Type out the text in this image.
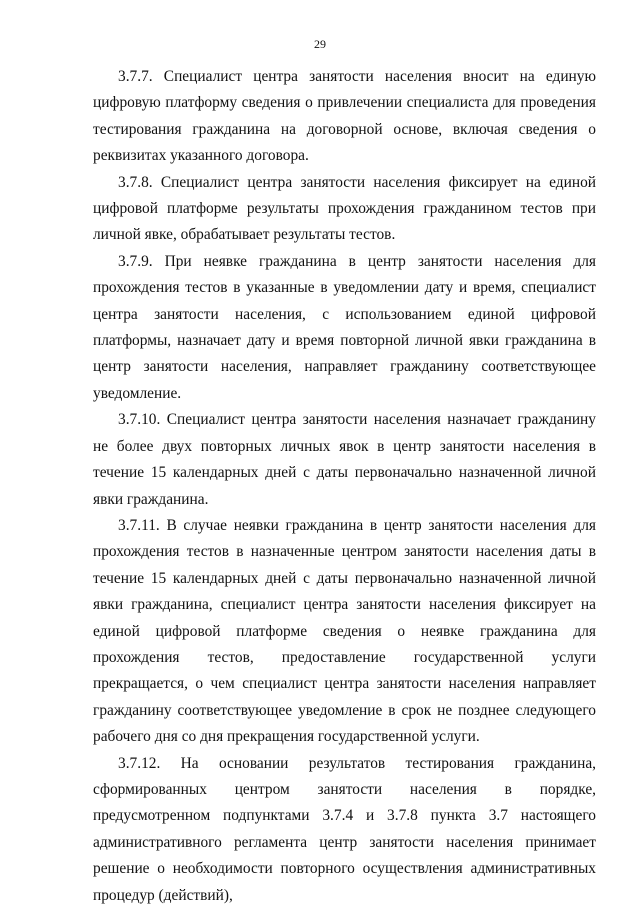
29

3.7.7. Специалист центра занятости населения вносит на единую цифровую платформу сведения о привлечении специалиста для проведения тестирования гражданина на договорной основе, включая сведения о реквизитах указанного договора.

3.7.8. Специалист центра занятости населения фиксирует на единой цифровой платформе результаты прохождения гражданином тестов при личной явке, обрабатывает результаты тестов.

3.7.9. При неявке гражданина в центр занятости населения для прохождения тестов в указанные в уведомлении дату и время, специалист центра занятости населения, с использованием единой цифровой платформы, назначает дату и время повторной личной явки гражданина в центр занятости населения, направляет гражданину соответствующее уведомление.

3.7.10. Специалист центра занятости населения назначает гражданину не более двух повторных личных явок в центр занятости населения в течение 15 календарных дней с даты первоначально назначенной личной явки гражданина.

3.7.11. В случае неявки гражданина в центр занятости населения для прохождения тестов в назначенные центром занятости населения даты в течение 15 календарных дней с даты первоначально назначенной личной явки гражданина, специалист центра занятости населения фиксирует на единой цифровой платформе сведения о неявке гражданина для прохождения тестов, предоставление государственной услуги прекращается, о чем специалист центра занятости населения направляет гражданину соответствующее уведомление в срок не позднее следующего рабочего дня со дня прекращения государственной услуги.

3.7.12. На основании результатов тестирования гражданина, сформированных центром занятости населения в порядке, предусмотренном подпунктами 3.7.4 и 3.7.8 пункта 3.7 настоящего административного регламента центр занятости населения принимает решение о необходимости повторного осуществления административных процедур (действий),
